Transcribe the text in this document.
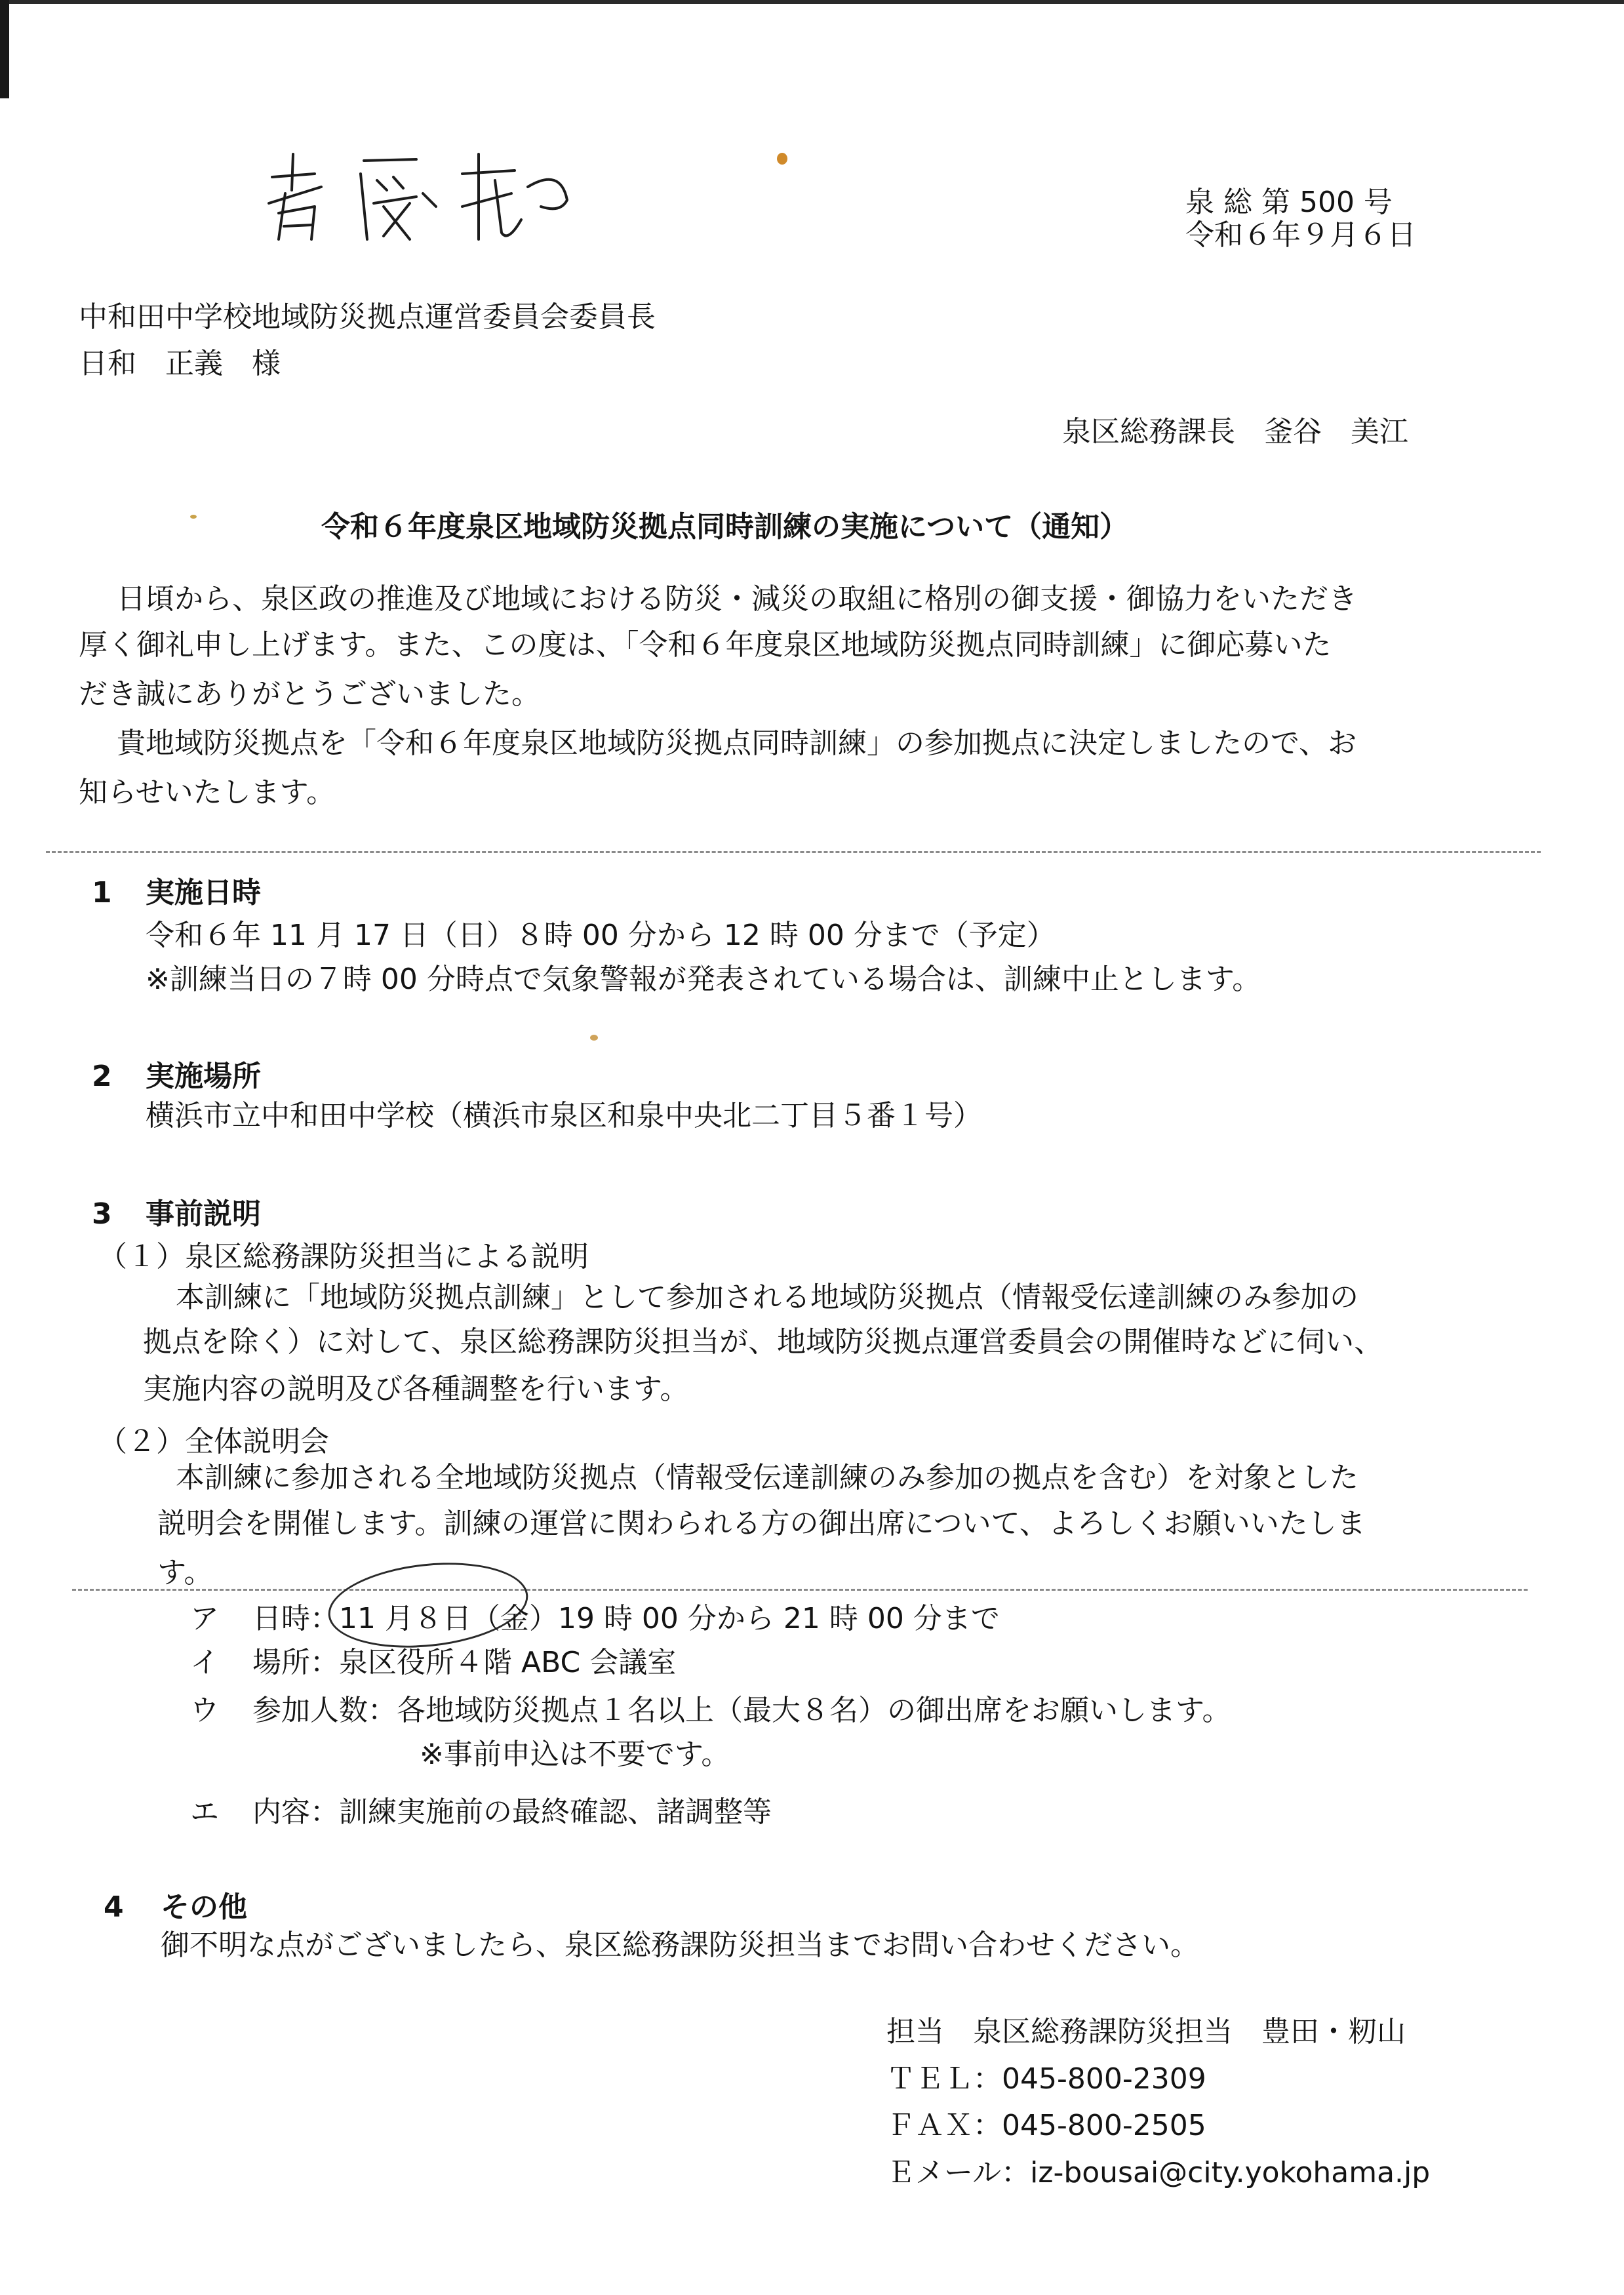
香取 拓
泉 総 第 500 号
令和６年９月６日
中和田中学校地域防災拠点運営委員会委員長
日和　正義　様
泉区総務課長　釜谷　美江
令和６年度泉区地域防災拠点同時訓練の実施について（通知）
日頃から、泉区政の推進及び地域における防災・減災の取組に格別の御支援・御協力をいただき
厚く御礼申し上げます。また、この度は、「令和６年度泉区地域防災拠点同時訓練」に御応募いた
だき誠にありがとうございました。
貴地域防災拠点を「令和６年度泉区地域防災拠点同時訓練」の参加拠点に決定しましたので、お
知らせいたします。
1 実施日時
令和６年 11 月 17 日（日）８時 00 分から 12 時 00 分まで（予定）
※訓練当日の７時 00 分時点で気象警報が発表されている場合は、訓練中止とします。
2 実施場所
横浜市立中和田中学校（横浜市泉区和泉中央北二丁目５番１号）
3 事前説明
（１）泉区総務課防災担当による説明
本訓練に「地域防災拠点訓練」として参加される地域防災拠点（情報受伝達訓練のみ参加の
拠点を除く）に対して、泉区総務課防災担当が、地域防災拠点運営委員会の開催時などに伺い、
実施内容の説明及び各種調整を行います。
（２）全体説明会
本訓練に参加される全地域防災拠点（情報受伝達訓練のみ参加の拠点を含む）を対象とした
説明会を開催します。訓練の運営に関わられる方の御出席について、よろしくお願いいたしま
す。
ア 日時：11 月８日（金）19 時 00 分から 21 時 00 分まで
イ 場所：泉区役所４階 ABC 会議室
ウ 参加人数：各地域防災拠点１名以上（最大８名）の御出席をお願いします。
※事前申込は不要です。
エ 内容：訓練実施前の最終確認、諸調整等
4 その他
御不明な点がございましたら、泉区総務課防災担当までお問い合わせください。
担当　泉区総務課防災担当　豊田・籾山
ＴＥＬ：045-800-2309
ＦＡＸ：045-800-2505
Ｅメール：iz-bousai@city.yokohama.jp
